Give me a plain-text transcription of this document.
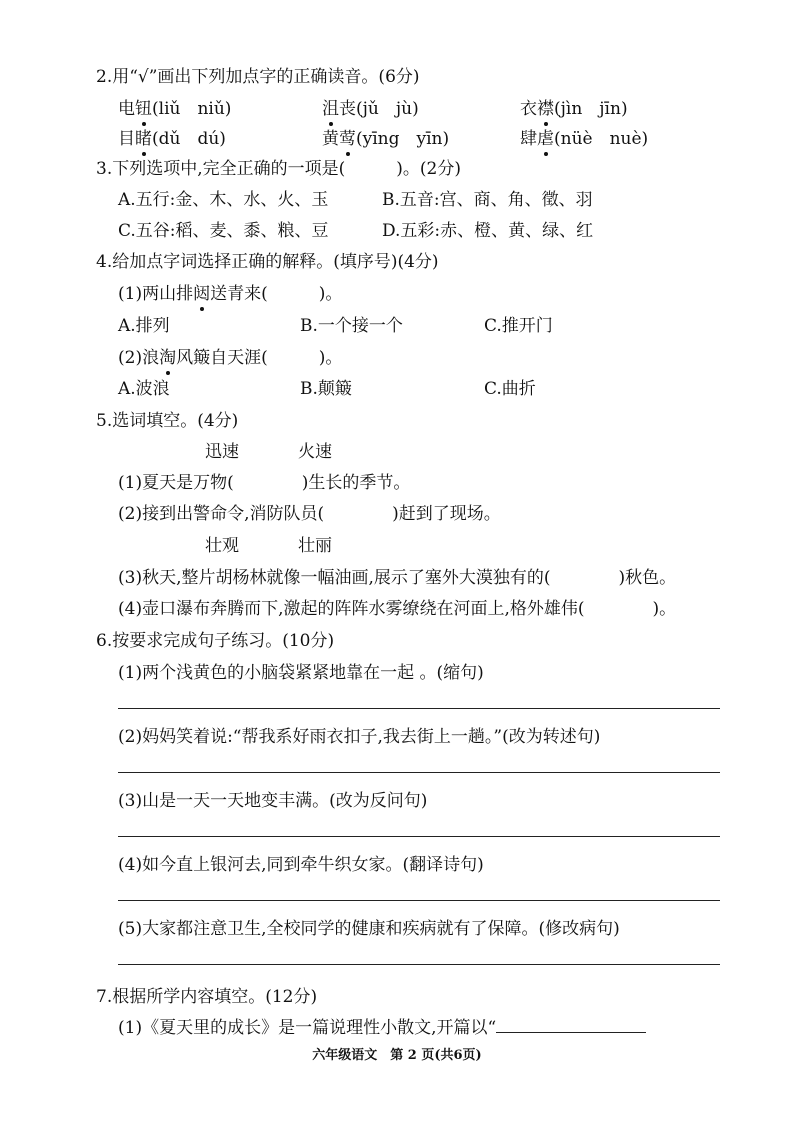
2.用“√”画出下列加点字的正确读音。(6分)
电钮(liǔ　niǔ)	沮丧(jǔ　jù)	衣襟(jìn　jīn)
目睹(dǔ　dú)	黄莺(yīng　yīn)	肆虐(nüè　nuè)
3.下列选项中,完全正确的一项是(　　　)。(2分)
A.五行:金、木、水、火、玉	B.五音:宫、商、角、徵、羽
C.五谷:稻、麦、黍、粮、豆	D.五彩:赤、橙、黄、绿、红
4.给加点字词选择正确的解释。(填序号)(4分)
(1)两山排闼送青来(　　　)。
A.排列	B.一个接一个	C.推开门
(2)浪淘风簸自天涯(　　　)。
A.波浪	B.颠簸	C.曲折
5.选词填空。(4分)
迅速	火速
(1)夏天是万物(　　　　)生长的季节。
(2)接到出警命令,消防队员(　　　　)赶到了现场。
壮观	壮丽
(3)秋天,整片胡杨林就像一幅油画,展示了塞外大漠独有的(　　　　)秋色。
(4)壶口瀑布奔腾而下,激起的阵阵水雾缭绕在河面上,格外雄伟(　　　　)。
6.按要求完成句子练习。(10分)
(1)两个浅黄色的小脑袋紧紧地靠在一起 。(缩句)
(2)妈妈笑着说:“帮我系好雨衣扣子,我去街上一趟。”(改为转述句)
(3)山是一天一天地变丰满。(改为反问句)
(4)如今直上银河去,同到牵牛织女家。(翻译诗句)
(5)大家都注意卫生,全校同学的健康和疾病就有了保障。(修改病句)
7.根据所学内容填空。(12分)
(1)《夏天里的成长》是一篇说理性小散文,开篇以“
六年级语文　第 2 页(共6页)
